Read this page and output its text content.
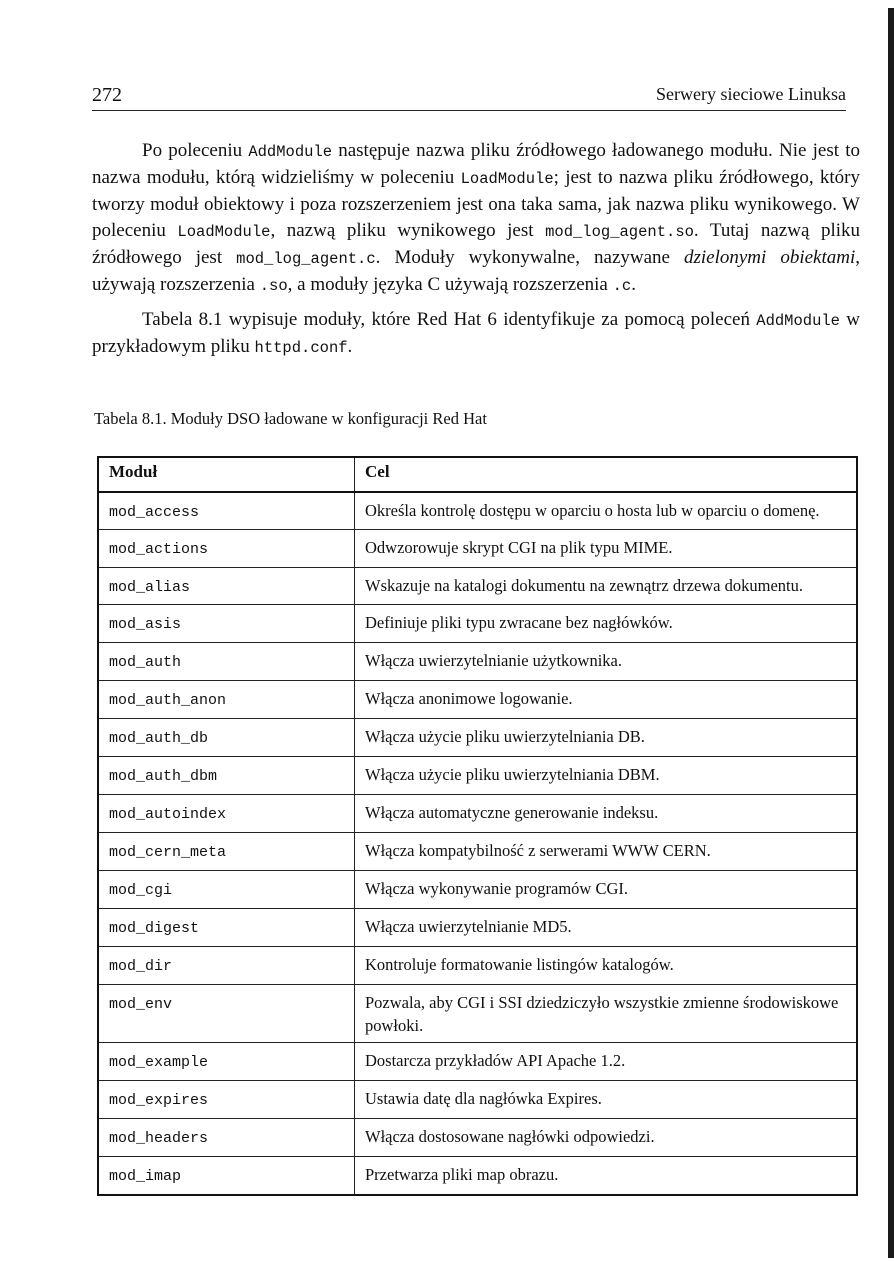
272	Serwery sieciowe Linuksa

Po poleceniu AddModule następuje nazwa pliku źródłowego ładowanego modułu. Nie jest to nazwa modułu, którą widzieliśmy w poleceniu LoadModule; jest to nazwa pliku źródłowego, który tworzy moduł obiektowy i poza rozszerzeniem jest ona taka sama, jak nazwa pliku wynikowego. W poleceniu LoadModule, nazwą pliku wynikowego jest mod_log_agent.so. Tutaj nazwą pliku źródłowego jest mod_log_agent.c. Moduły wykonywalne, nazywane dzielonymi obiektami, używają rozszerzenia .so, a moduły języka C używają rozszerzenia .c.

Tabela 8.1 wypisuje moduły, które Red Hat 6 identyfikuje za pomocą poleceń AddModule w przykładowym pliku httpd.conf.

Tabela 8.1. Moduły DSO ładowane w konfiguracji Red Hat
Moduł	Cel
mod_access	Określa kontrolę dostępu w oparciu o hosta lub w oparciu o domenę.
mod_actions	Odwzorowuje skrypt CGI na plik typu MIME.
mod_alias	Wskazuje na katalogi dokumentu na zewnątrz drzewa dokumentu.
mod_asis	Definiuje pliki typu zwracane bez nagłówków.
mod_auth	Włącza uwierzytelnianie użytkownika.
mod_auth_anon	Włącza anonimowe logowanie.
mod_auth_db	Włącza użycie pliku uwierzytelniania DB.
mod_auth_dbm	Włącza użycie pliku uwierzytelniania DBM.
mod_autoindex	Włącza automatyczne generowanie indeksu.
mod_cern_meta	Włącza kompatybilność z serwerami WWW CERN.
mod_cgi	Włącza wykonywanie programów CGI.
mod_digest	Włącza uwierzytelnianie MD5.
mod_dir	Kontroluje formatowanie listingów katalogów.
mod_env	Pozwala, aby CGI i SSI dziedziczyło wszystkie zmienne środowiskowe powłoki.
mod_example	Dostarcza przykładów API Apache 1.2.
mod_expires	Ustawia datę dla nagłówka Expires.
mod_headers	Włącza dostosowane nagłówki odpowiedzi.
mod_imap	Przetwarza pliki map obrazu.
